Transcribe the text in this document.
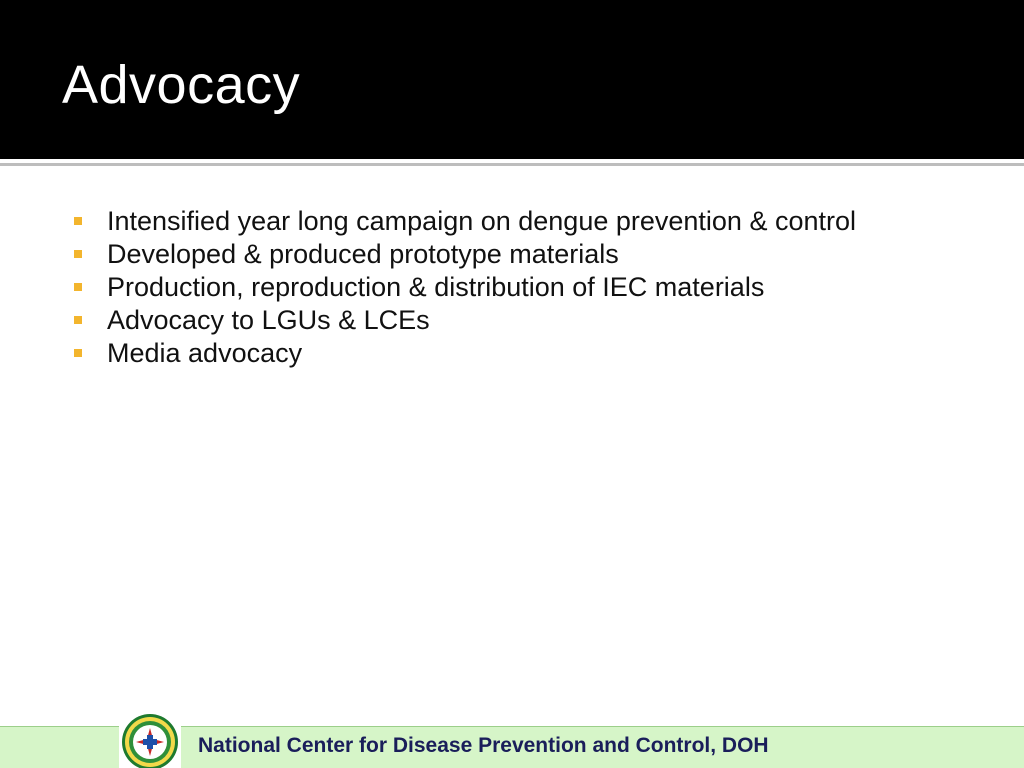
Advocacy
Intensified year long campaign on dengue prevention & control
Developed & produced prototype materials
Production, reproduction & distribution of IEC materials
Advocacy to LGUs & LCEs
Media advocacy
National Center for Disease Prevention and Control, DOH
